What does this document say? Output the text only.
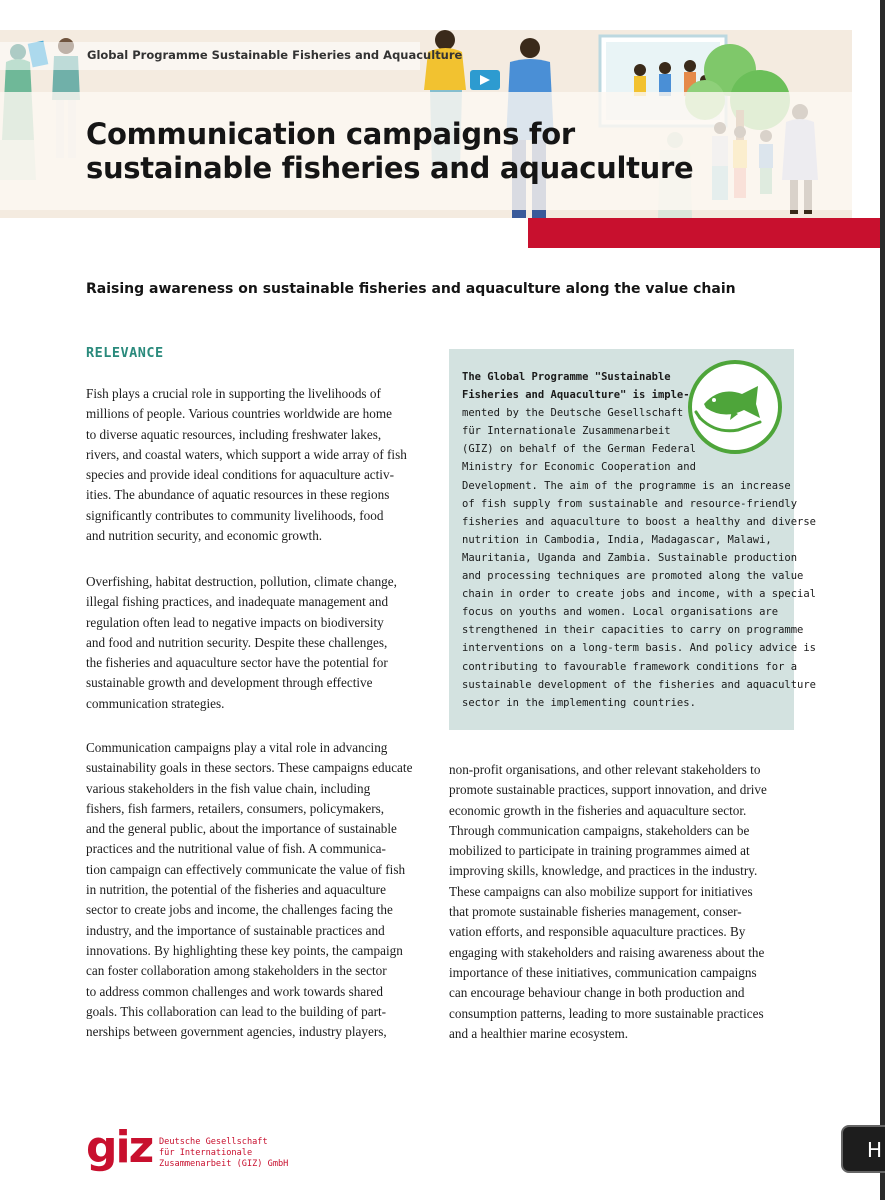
Global Programme Sustainable Fisheries and Aquaculture
Communication campaigns for
sustainable fisheries and aquaculture
Raising awareness on sustainable fisheries and aquaculture along the value chain
RELEVANCE
Fish plays a crucial role in supporting the livelihoods of
millions of people. Various countries worldwide are home
to diverse aquatic resources, including freshwater lakes,
rivers, and coastal waters, which support a wide array of fish
species and provide ideal conditions for aquaculture activ-
ities. The abundance of aquatic resources in these regions
significantly contributes to community livelihoods, food
and nutrition security, and economic growth.
Overfishing, habitat destruction, pollution, climate change,
illegal fishing practices, and inadequate management and
regulation often lead to negative impacts on biodiversity
and food and nutrition security. Despite these challenges,
the fisheries and aquaculture sector have the potential for
sustainable growth and development through effective
communication strategies.
Communication campaigns play a vital role in advancing
sustainability goals in these sectors. These campaigns educate
various stakeholders in the fish value chain, including
fishers, fish farmers, retailers, consumers, policymakers,
and the general public, about the importance of sustainable
practices and the nutritional value of fish. A communica-
tion campaign can effectively communicate the value of fish
in nutrition, the potential of the fisheries and aquaculture
sector to create jobs and income, the challenges facing the
industry, and the importance of sustainable practices and
innovations. By highlighting these key points, the campaign
can foster collaboration among stakeholders in the sector
to address common challenges and work towards shared
goals. This collaboration can lead to the building of part-
nerships between government agencies, industry players,
non-profit organisations, and other relevant stakeholders to
promote sustainable practices, support innovation, and drive
economic growth in the fisheries and aquaculture sector.
Through communication campaigns, stakeholders can be
mobilized to participate in training programmes aimed at
improving skills, knowledge, and practices in the industry.
These campaigns can also mobilize support for initiatives
that promote sustainable fisheries management, conser-
vation efforts, and responsible aquaculture practices. By
engaging with stakeholders and raising awareness about the
importance of these initiatives, communication campaigns
can encourage behaviour change in both production and
consumption patterns, leading to more sustainable practices
and a healthier marine ecosystem.
The Global Programme "Sustainable
Fisheries and Aquaculture" is imple-
mented by the Deutsche Gesellschaft
für Internationale Zusammenarbeit
(GIZ) on behalf of the German Federal
Ministry for Economic Cooperation and
Development. The aim of the programme is an increase
of fish supply from sustainable and resource-friendly
fisheries and aquaculture to boost a healthy and diverse
nutrition in Cambodia, India, Madagascar, Malawi,
Mauritania, Uganda and Zambia. Sustainable production
and processing techniques are promoted along the value
chain in order to create jobs and income, with a special
focus on youths and women. Local organisations are
strengthened in their capacities to carry on programme
interventions on a long-term basis. And policy advice is
contributing to favourable framework conditions for a
sustainable development of the fisheries and aquaculture
sector in the implementing countries.
giz Deutsche Gesellschaft
für Internationale
Zusammenarbeit (GIZ) GmbH
H
